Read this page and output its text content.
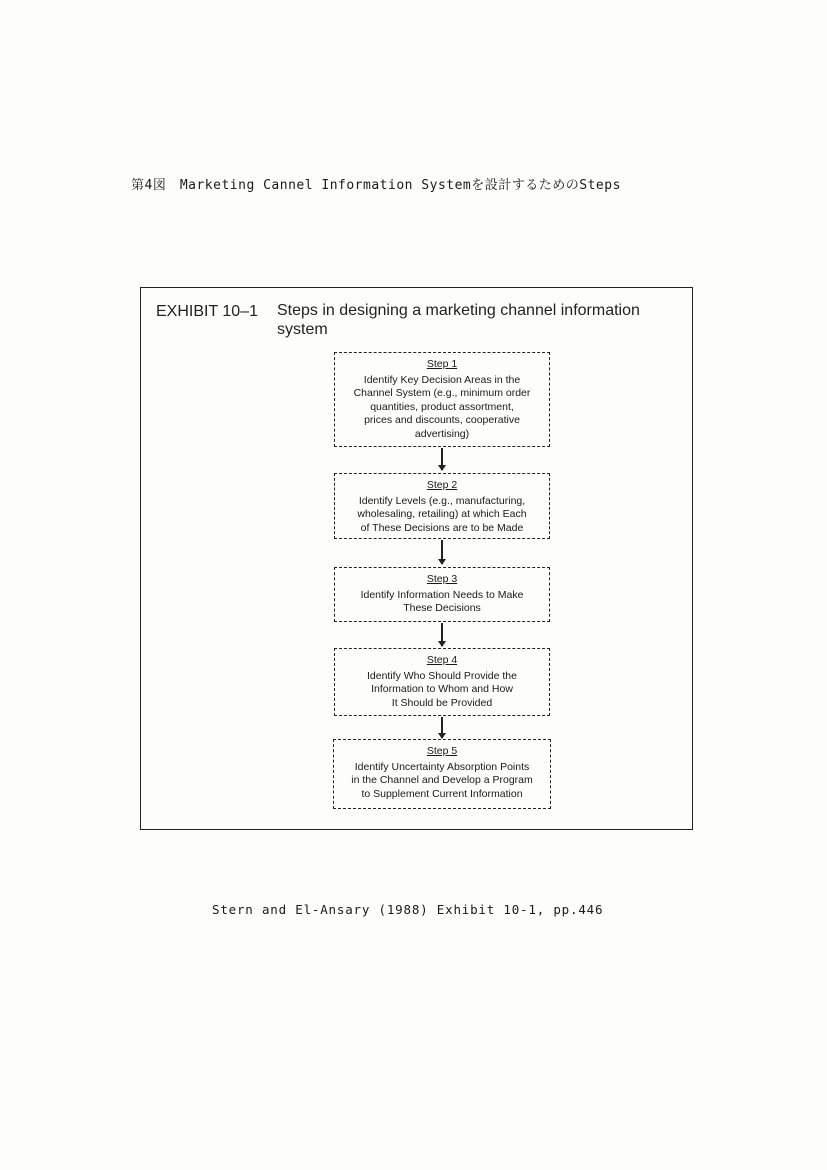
第4図　Marketing Cannel Information Systemを設計するためのSteps
EXHIBIT 10–1 Steps in designing a marketing channel information system
Step 1
Identify Key Decision Areas in the
Channel System (e.g., minimum order
quantities, product assortment,
prices and discounts, cooperative
advertising)
Step 2
Identify Levels (e.g., manufacturing,
wholesaling, retailing) at which Each
of These Decisions are to be Made
Step 3
Identify Information Needs to Make
These Decisions
Step 4
Identify Who Should Provide the
Information to Whom and How
It Should be Provided
Step 5
Identify Uncertainty Absorption Points
in the Channel and Develop a Program
to Supplement Current Information
Stern and El-Ansary (1988) Exhibit 10-1, pp.446
